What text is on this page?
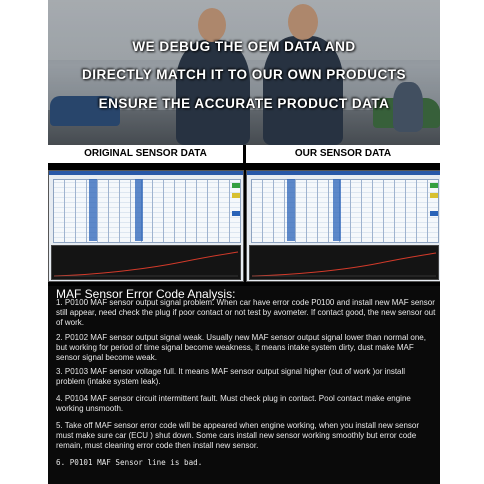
WE DEBUG THE OEM DATA AND
DIRECTLY MATCH IT TO OUR OWN PRODUCTS
ENSURE THE ACCURATE PRODUCT DATA
ORIGINAL SENSOR DATA	OUR SENSOR DATA
MAF Sensor Error Code Analysis:
1. P0100 MAF sensor output signal problem. When car have error code P0100 and install new MAF sensor still appear, need check the plug if poor contact or not test by avometer. If contact good, the new sensor out of work.
2. P0102 MAF sensor output signal weak. Usually new MAF sensor output signal lower than normal one, but working for period of time signal become weakness, it means intake system dirty, dust make MAF sensor signal become weak.
3. P0103 MAF sensor voltage full. It means MAF sensor output signal higher (out of work )or install problem (intake system leak).
4. P0104 MAF sensor circuit intermittent fault. Must check plug in contact. Pool contact make engine working unsmooth.
5. Take off MAF sensor error code will be appeared when engine working, when you install new sensor must make sure car (ECU ) shut down. Some cars install new sensor working smoothly but error code remain, must cleaning error code then install new sensor.
6. P0101 MAF Sensor line is bad.
